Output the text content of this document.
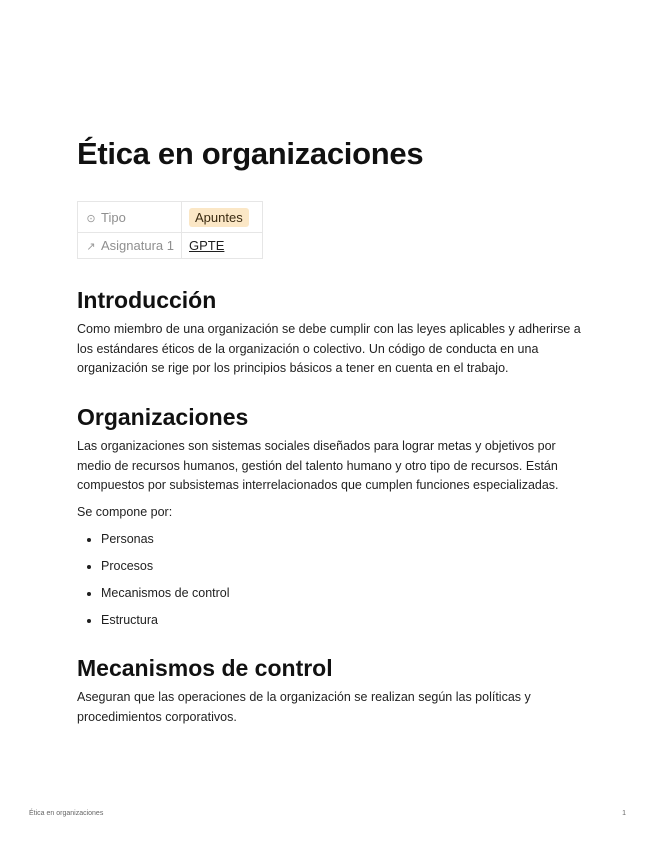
Ética en organizaciones
⊙ Tipo	Apuntes
↗ Asignatura 1	GPTE
Introducción

Como miembro de una organización se debe cumplir con las leyes aplicables y adherirse a los estándares éticos de la organización o colectivo. Un código de conducta en una organización se rige por los principios básicos a tener en cuenta en el trabajo.

Organizaciones

Las organizaciones son sistemas sociales diseñados para lograr metas y objetivos por medio de recursos humanos, gestión del talento humano y otro tipo de recursos. Están compuestos por subsistemas interrelacionados que cumplen funciones especializadas.

Se compone por:

• Personas
• Procesos
• Mecanismos de control
• Estructura
Mecanismos de control

Aseguran que las operaciones de la organización se realizan según las políticas y procedimientos corporativos.

Ética en organizaciones	1
